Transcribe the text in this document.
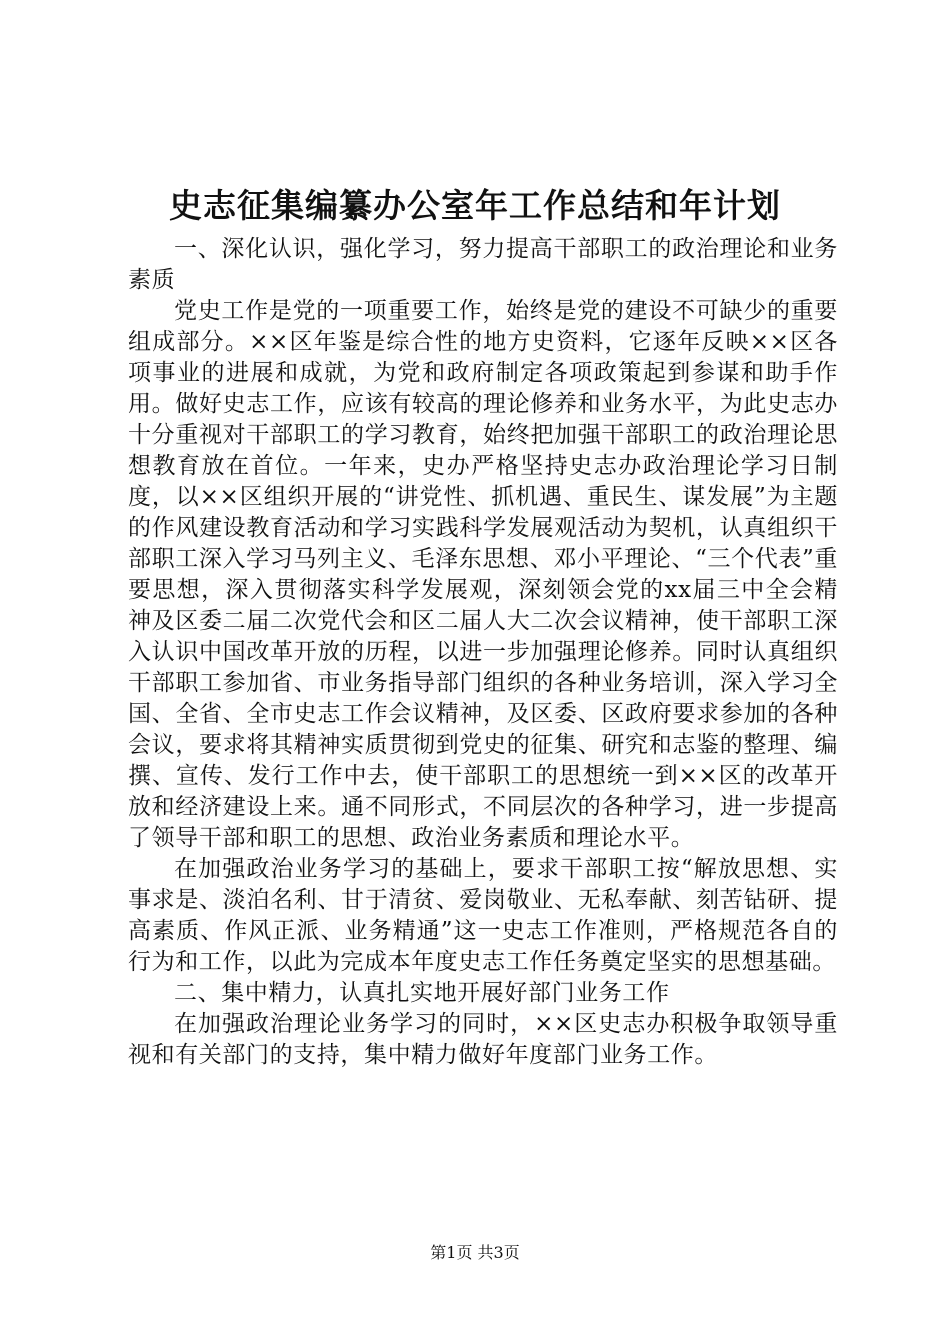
史志征集编纂办公室年工作总结和年计划

一、深化认识，强化学习，努力提高干部职工的政治理论和业务素质

党史工作是党的一项重要工作，始终是党的建设不可缺少的重要组成部分。××区年鉴是综合性的地方史资料，它逐年反映××区各项事业的进展和成就，为党和政府制定各项政策起到参谋和助手作用。做好史志工作，应该有较高的理论修养和业务水平，为此史志办十分重视对干部职工的学习教育，始终把加强干部职工的政治理论思想教育放在首位。一年来，史办严格坚持史志办政治理论学习日制度，以××区组织开展的“讲党性、抓机遇、重民生、谋发展”为主题的作风建设教育活动和学习实践科学发展观活动为契机，认真组织干部职工深入学习马列主义、毛泽东思想、邓小平理论、“三个代表”重要思想，深入贯彻落实科学发展观，深刻领会党的xx届三中全会精神及区委二届二次党代会和区二届人大二次会议精神，使干部职工深入认识中国改革开放的历程，以进一步加强理论修养。同时认真组织干部职工参加省、市业务指导部门组织的各种业务培训，深入学习全国、全省、全市史志工作会议精神，及区委、区政府要求参加的各种会议，要求将其精神实质贯彻到党史的征集、研究和志鉴的整理、编撰、宣传、发行工作中去，使干部职工的思想统一到××区的改革开放和经济建设上来。通不同形式，不同层次的各种学习，进一步提高了领导干部和职工的思想、政治业务素质和理论水平。

在加强政治业务学习的基础上，要求干部职工按“解放思想、实事求是、淡泊名利、甘于清贫、爱岗敬业、无私奉献、刻苦钻研、提高素质、作风正派、业务精通”这一史志工作准则，严格规范各自的行为和工作，以此为完成本年度史志工作任务奠定坚实的思想基础。

二、集中精力，认真扎实地开展好部门业务工作

在加强政治理论业务学习的同时，××区史志办积极争取领导重视和有关部门的支持，集中精力做好年度部门业务工作。

第1页 共3页
